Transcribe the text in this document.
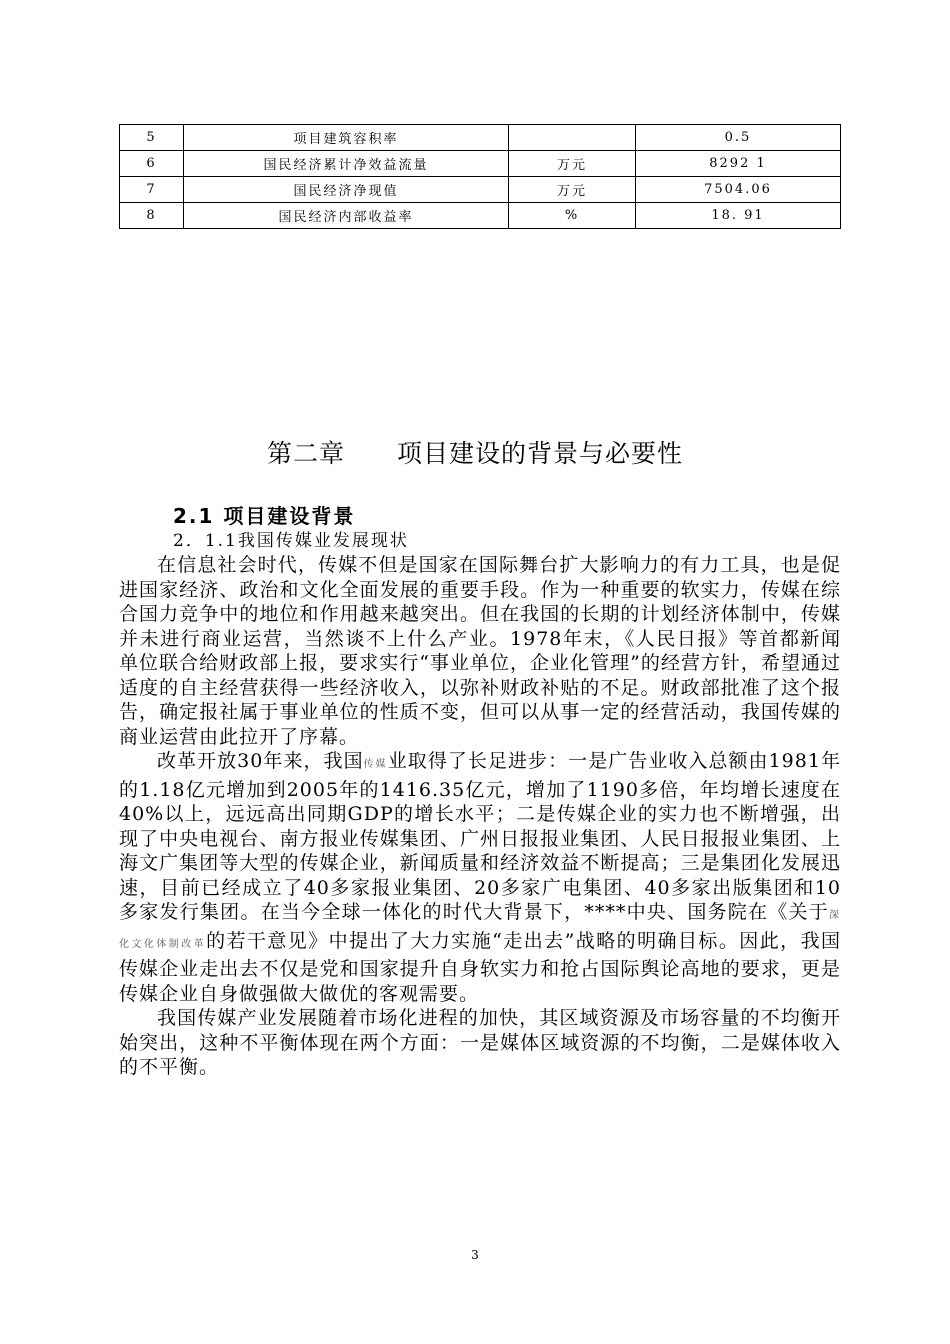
5	项目建筑容积率		0.5
6	国民经济累计净效益流量	万元	8292 1
7	国民经济净现值	万元	7504.06
8	国民经济内部收益率	%	18. 91
第二章 项目建设的背景与必要性
2.1 项目建设背景
2．1.1我国传媒业发展现状

在信息社会时代，传媒不但是国家在国际舞台扩大影响力的有力工具，也是促进国家经济、政治和文化全面发展的重要手段。作为一种重要的软实力，传媒在综合国力竞争中的地位和作用越来越突出。但在我国的长期的计划经济体制中，传媒并未进行商业运营，当然谈不上什么产业。1978年末，《人民日报》等首都新闻单位联合给财政部上报，要求实行“事业单位，企业化管理”的经营方针，希望通过适度的自主经营获得一些经济收入，以弥补财政补贴的不足。财政部批准了这个报告，确定报社属于事业单位的性质不变，但可以从事一定的经营活动，我国传媒的商业运营由此拉开了序幕。

改革开放30年来，我国传媒业取得了长足进步：一是广告业收入总额由1981年的1.18亿元增加到2005年的1416.35亿元，增加了1190多倍，年均增长速度在40%以上，远远高出同期GDP的增长水平；二是传媒企业的实力也不断增强，出现了中央电视台、南方报业传媒集团、广州日报报业集团、人民日报报业集团、上海文广集团等大型的传媒企业，新闻质量和经济效益不断提高；三是集团化发展迅速，目前已经成立了40多家报业集团、20多家广电集团、40多家出版集团和10多家发行集团。在当今全球一体化的时代大背景下，****中央、国务院在《关于深化文化体制改革的若干意见》中提出了大力实施“走出去”战略的明确目标。因此，我国传媒企业走出去不仅是党和国家提升自身软实力和抢占国际舆论高地的要求，更是传媒企业自身做强做大做优的客观需要。

我国传媒产业发展随着市场化进程的加快，其区域资源及市场容量的不均衡开始突出，这种不平衡体现在两个方面：一是媒体区域资源的不均衡，二是媒体收入的不平衡。

3
